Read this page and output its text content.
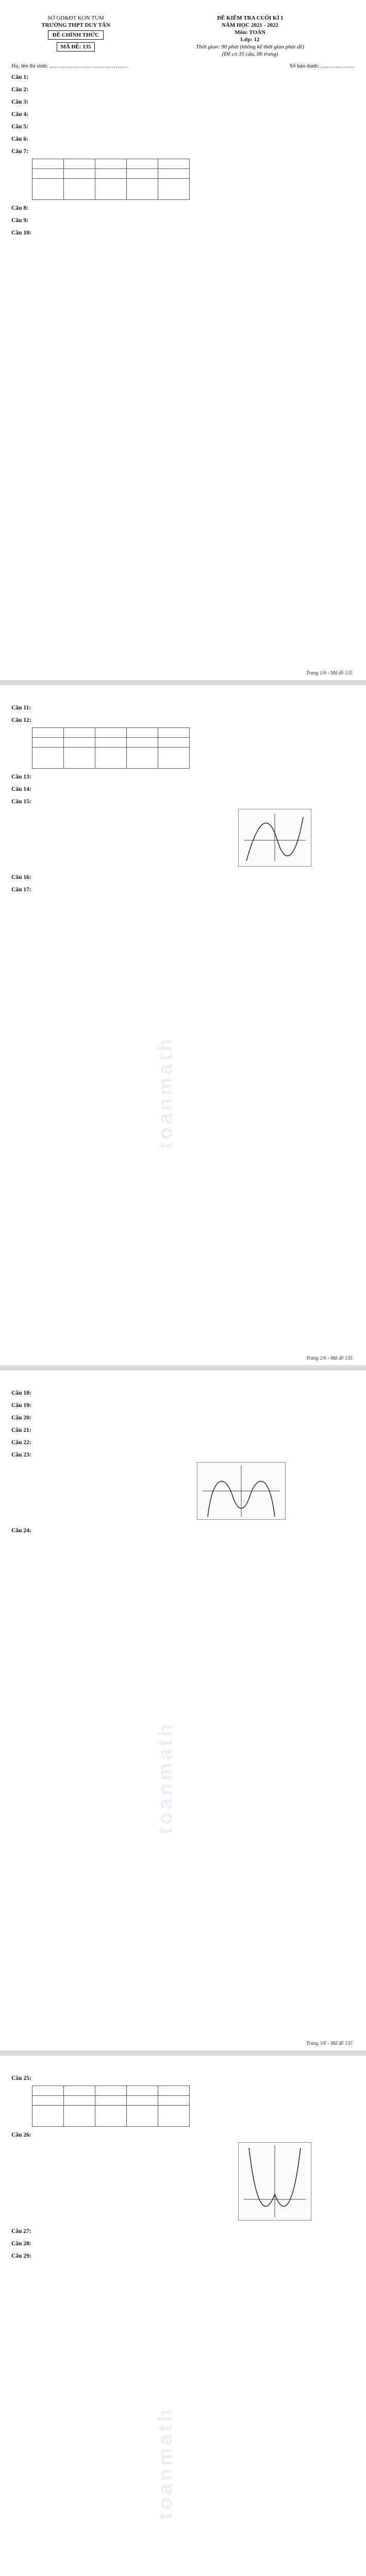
SỞ GD&ĐT KON TUM
TRƯỜNG THPT DUY TÂN
ĐỀ CHÍNH THỨC
MÃ ĐỀ: 135
ĐỀ KIỂM TRA CUỐI KÌ I
NĂM HỌC 2021 - 2022
Môn: TOÁN
Lớp: 12
Thời gian: 90 phút (không kể thời gian phát đề)
(Đề có 35 câu, 06 trang)
Họ, tên thí sinh: ……………………………………	Số báo danh: ………………
Câu 1:
Câu 2:
Câu 3:
Câu 4:
Câu 5:
Câu 6:
Câu 7:

Câu 8:
Câu 9:
Câu 10:
Trang 1/6 - Mã đề 135
toanmath
Câu 11:
Câu 12:

Câu 13:
Câu 14:
Câu 15:
Câu 16:
Câu 17:
Trang 2/6 - Mã đề 135
toanmath
Câu 18:
Câu 19:
Câu 20:
Câu 21:
Câu 22:
Câu 23:
Câu 24:
Trang 3/6 - Mã đề 135
toanmath
Câu 25:

Câu 26:
Câu 27:
Câu 28:
Câu 29:
